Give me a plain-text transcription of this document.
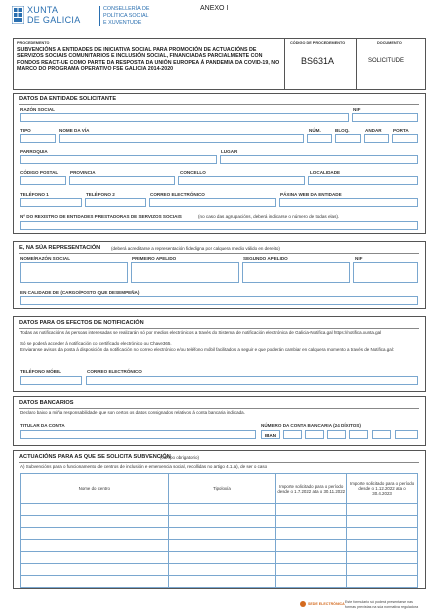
XUNTA
DE GALICIA
CONSELLERÍA DE
POLÍTICA SOCIAL
E XUVENTUDE
ANEXO I
PROCEDEMENTO
SUBVENCIÓNS A ENTIDADES DE INICIATIVA SOCIAL PARA PROMOCIÓN DE ACTUACIÓNS DE SERVIZOS SOCIAIS COMUNITARIOS E INCLUSIÓN SOCIAL, FINANCIADAS PARCIALMENTE CON FONDOS REACT-UE COMO PARTE DA RESPOSTA DA UNIÓN EUROPEA Á PANDEMIA DA COVID-19, NO MARCO DO PROGRAMA OPERATIVO FSE GALICIA 2014-2020
CÓDIGO DE PROCEDEMENTO
BS631A
DOCUMENTO
SOLICITUDE
DATOS DA ENTIDADE SOLICITANTE
RAZÓN SOCIAL	NIF
TIPO	NOME DA VÍA	NÚM.	BLOQ.	ANDAR PORTA
PARROQUIA	LUGAR
CÓDIGO POSTAL	PROVINCIA	CONCELLO	LOCALIDADE
TELÉFONO 1	TELÉFONO 2	CORREO ELECTRÓNICO	PÁXINA WEB DA ENTIDADE
Nº DO REXISTRO DE ENTIDADES PRESTADORAS DE SERVIZOS SOCIAIS	(no caso das agrupacións, deberá indicarse o número de todas elas).
E, NA SÚA REPRESENTACIÓN (deberá acreditarse a representación fidedigna por calquera medio válido en dereito)
NOME/RAZÓN SOCIAL	PRIMEIRO APELIDO	SEGUNDO APELIDO	NIF
EN CALIDADE DE (CARGO/POSTO QUE DESEMPEÑA)
DATOS PARA OS EFECTOS DE NOTIFICACIÓN
Todas as notificacións ás persoas interesadas se realizarán só por medios electrónicos a través do Sistema de notificación electrónica de Galicia-Notifica.gal https://notifica.xunta.gal
Só se poderá acceder á notificación co certificado electrónico ou Chave365.
Enviaranse avisos da posta á disposición da notificación no correo electrónico e/ou teléfono móbil facilitados a seguir e que poderán cambiar en calquera momento a través de Notifica.gal:
TELÉFONO MÓBIL	CORREO ELECTRÓNICO
DATOS BANCARIOS
Declaro baixo a miña responsabilidade que son certos os datos consignados relativos á conta bancaria indicada.
TITULAR DA CONTA	NÚMERO DA CONTA BANCARIA (24 DÍXITOS)
IBAN
ACTUACIÓNS PARA AS QUE SE SOLICITA SUBVENCIÓN
(campo obrigatorio)
A) Subvencións para o funcionamento de centros de inclusión e emerxencia social, recollidas no artigo 4.1.a), de ser o caso
Nome do centro	Tipoloxía	Importe solicitado para o período desde o 1.7.2022 ata o 30.11.2022	Importe solicitado para o período desde o 1.12.2022 ata o 30.4.2023

SEDE ELECTRÓNICA Este formulario só poderá presentarse nas
formas previstas na súa normativa reguladora
